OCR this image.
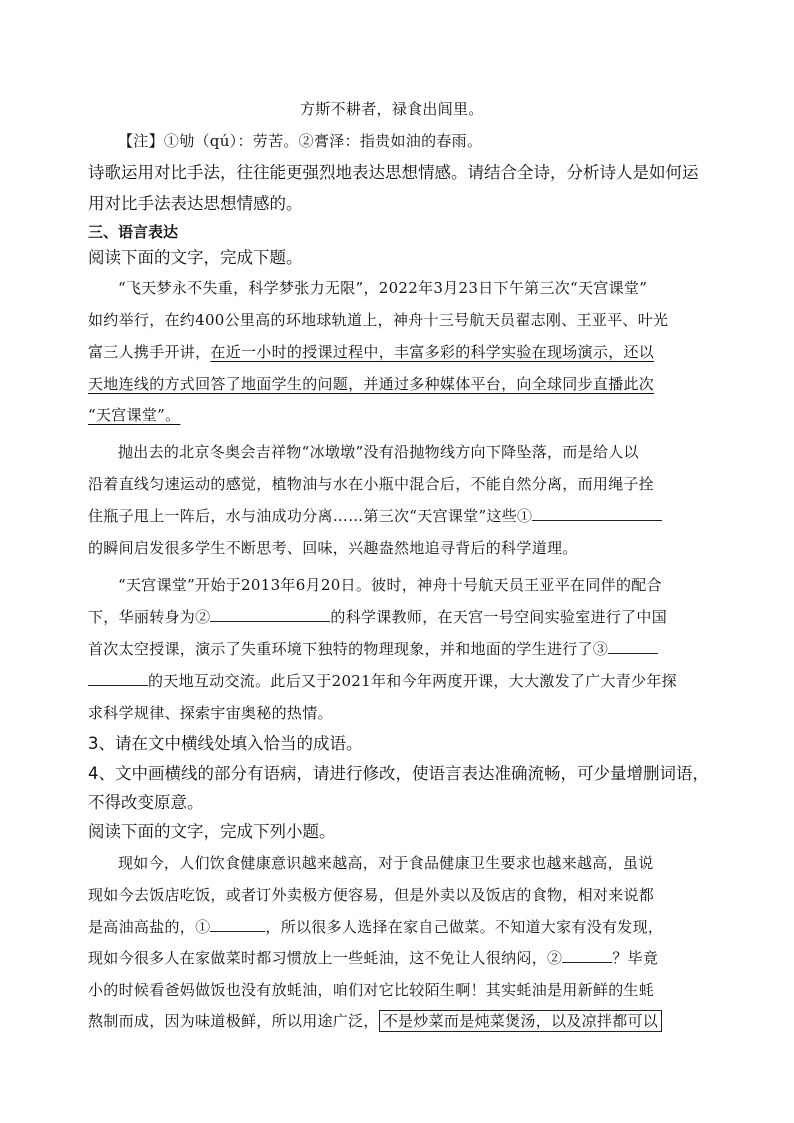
方斯不耕者，禄食出闾里。

【注】①劬（qú）：劳苦。②膏泽：指贵如油的春雨。

诗歌运用对比手法，往往能更强烈地表达思想情感。请结合全诗，分析诗人是如何运

用对比手法表达思想情感的。

三、语言表达

阅读下面的文字，完成下题。

“飞天梦永不失重，科学梦张力无限”，2022年3月23日下午第三次“天宫课堂”

如约举行，在约400公里高的环地球轨道上，神舟十三号航天员翟志刚、王亚平、叶光

富三人携手开讲，在近一小时的授课过程中，丰富多彩的科学实验在现场演示，还以

天地连线的方式回答了地面学生的问题，并通过多种媒体平台，向全球同步直播此次

“天宫课堂”。

抛出去的北京冬奥会吉祥物“冰墩墩”没有沿抛物线方向下降坠落，而是给人以

沿着直线匀速运动的感觉，植物油与水在小瓶中混合后，不能自然分离，而用绳子拴

住瓶子甩上一阵后，水与油成功分离……第三次“天宫课堂”这些①

的瞬间启发很多学生不断思考、回味，兴趣盎然地追寻背后的科学道理。

“天宫课堂”开始于2013年6月20日。彼时，神舟十号航天员王亚平在同伴的配合

下，华丽转身为②	的科学课教师，在天宫一号空间实验室进行了中国

首次太空授课，演示了失重环境下独特的物理现象，并和地面的学生进行了③

的天地互动交流。此后又于2021年和今年两度开课，大大激发了广大青少年探

求科学规律、探索宇宙奥秘的热情。

3、请在文中横线处填入恰当的成语。

4、文中画横线的部分有语病，请进行修改，使语言表达准确流畅，可少量增删词语，

不得改变原意。

阅读下面的文字，完成下列小题。

现如今，人们饮食健康意识越来越高，对于食品健康卫生要求也越来越高，虽说

现如今去饭店吃饭，或者订外卖极方便容易，但是外卖以及饭店的食物，相对来说都

是高油高盐的，①	，所以很多人选择在家自己做菜。不知道大家有没有发现，

现如今很多人在家做菜时都习惯放上一些蚝油，这不免让人很纳闷，②	？毕竟

小的时候看爸妈做饭也没有放蚝油，咱们对它比较陌生啊！其实蚝油是用新鲜的生蚝

熬制而成，因为味道极鲜，所以用途广泛， 不是炒菜而是炖菜煲汤，以及凉拌都可以
